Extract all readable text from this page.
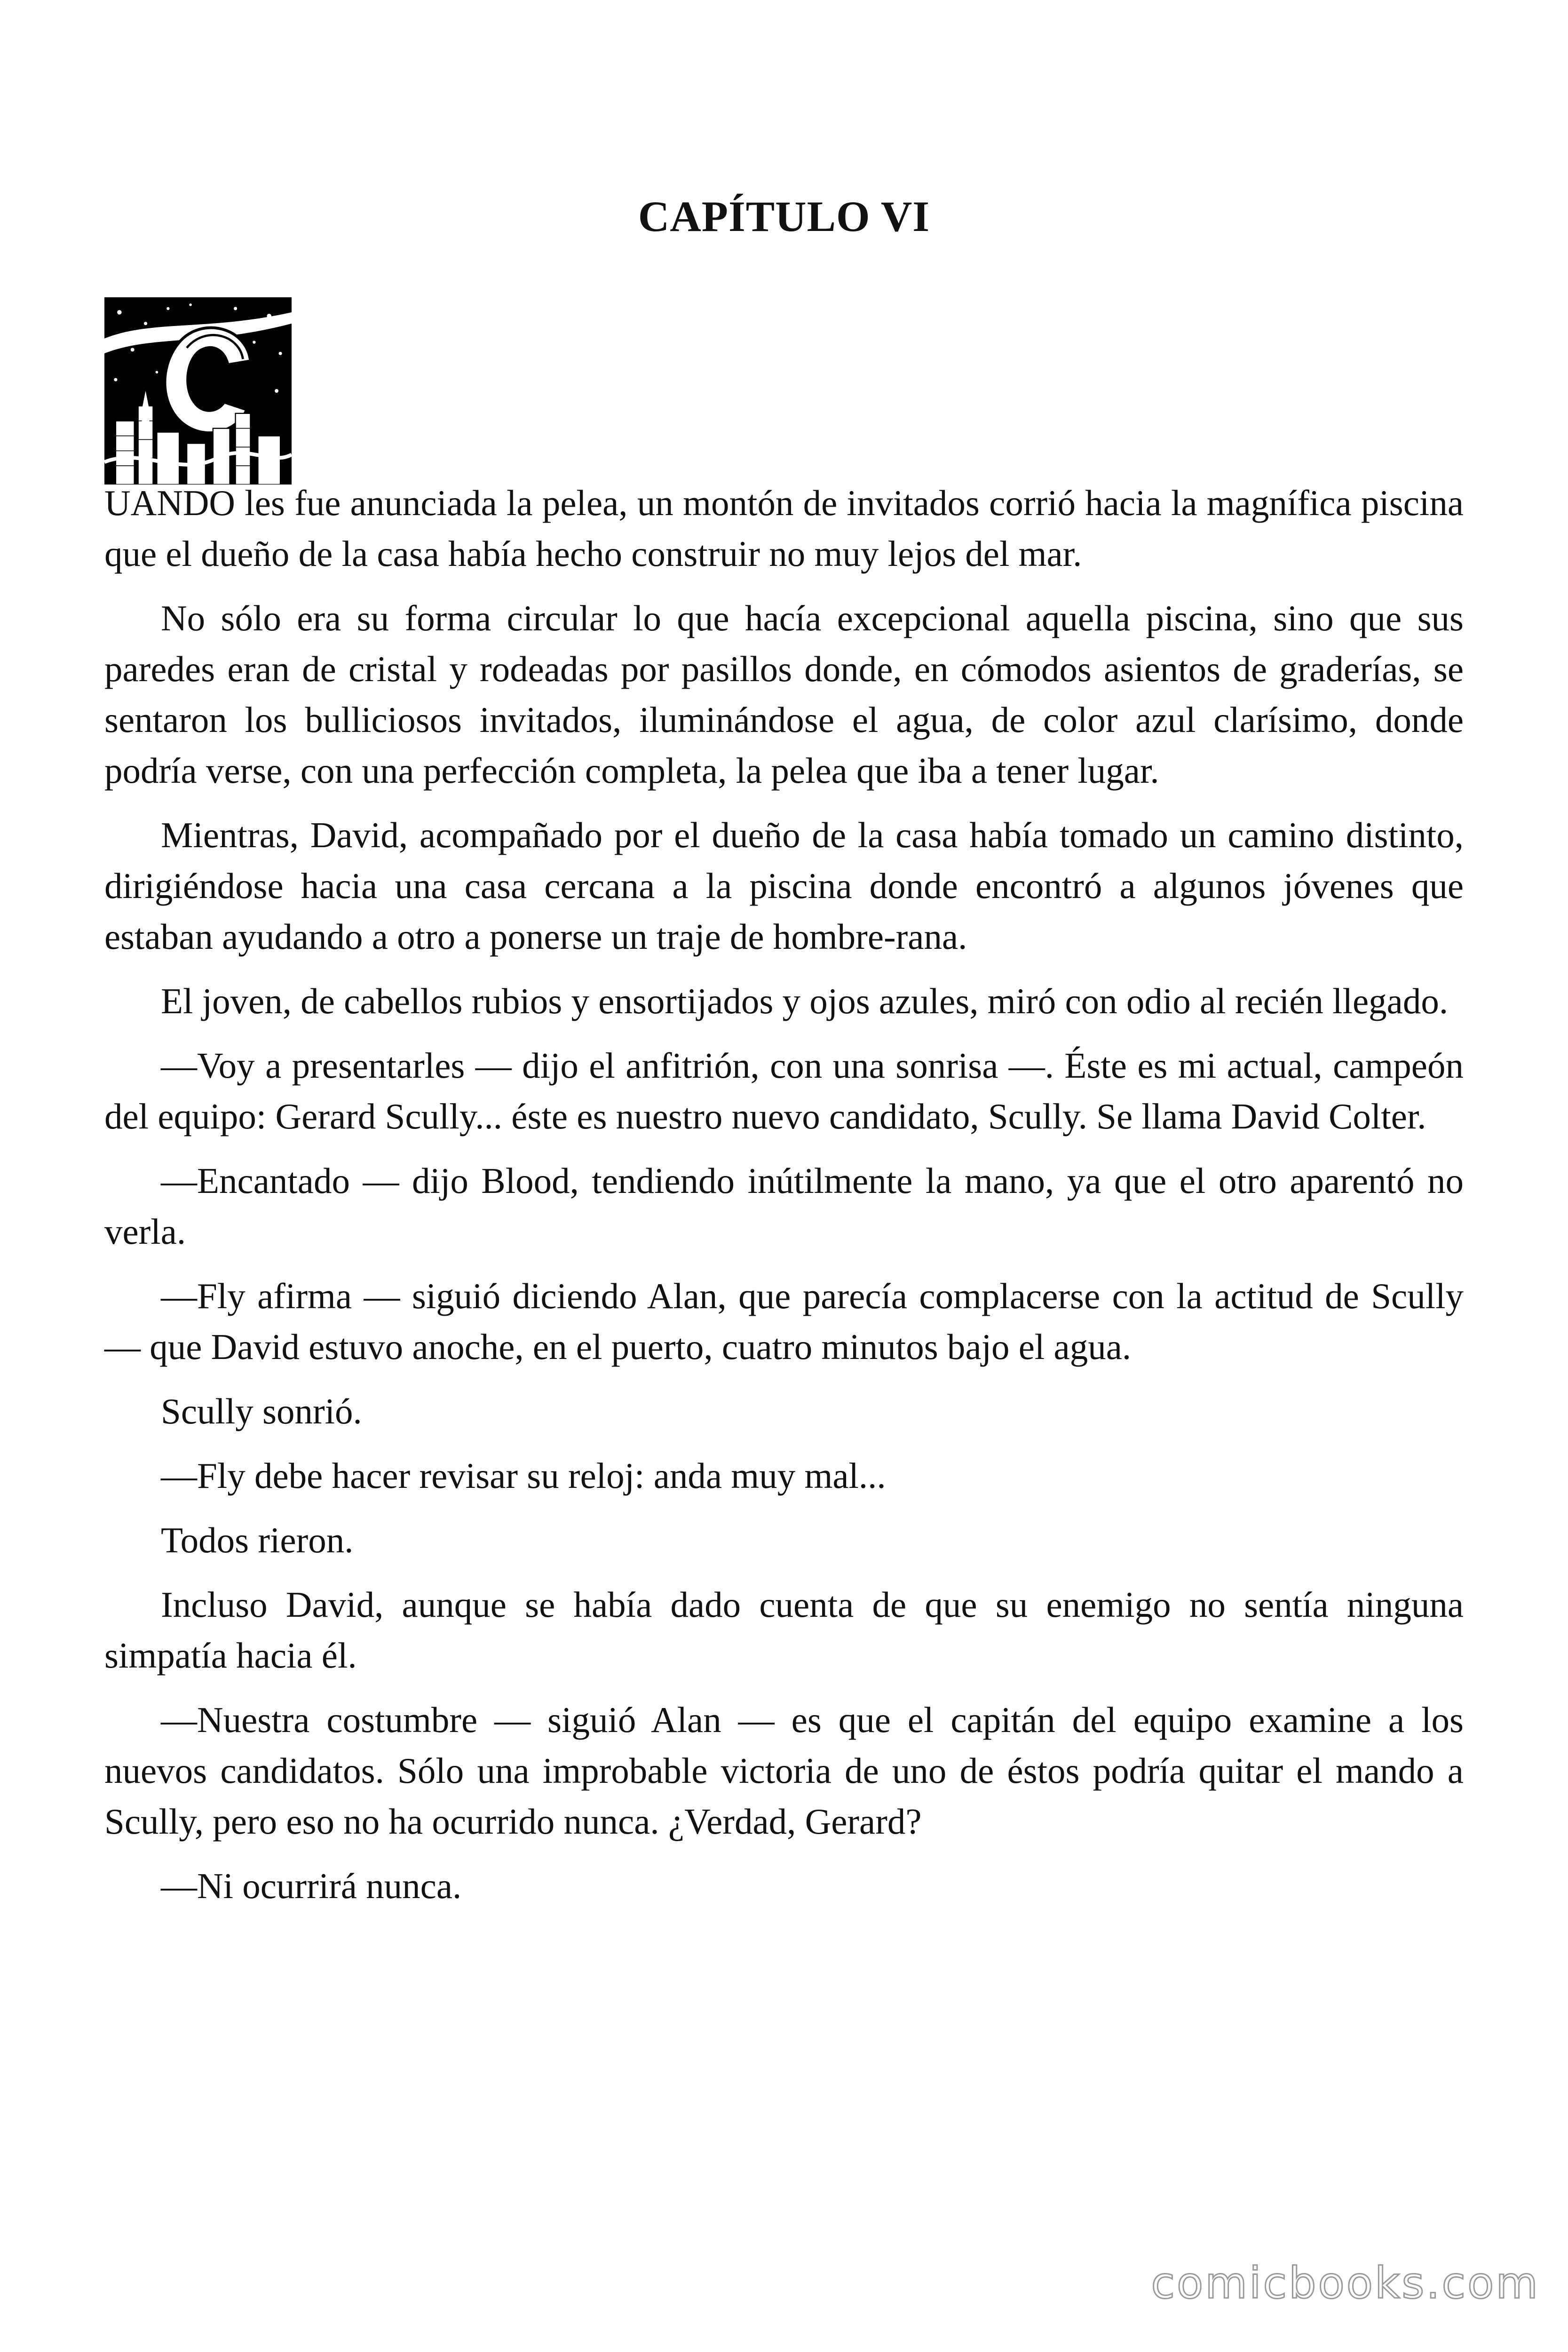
CAPÍTULO VI

UANDO les fue anunciada la pelea, un montón de invitados corrió hacia la magnífica piscina que el dueño de la casa había hecho construir no muy lejos del mar.

No sólo era su forma circular lo que hacía excepcional aquella piscina, sino que sus paredes eran de cristal y rodeadas por pasillos donde, en cómodos asientos de graderías, se sentaron los bulliciosos invitados, iluminándose el agua, de color azul clarísimo, donde podría verse, con una perfección completa, la pelea que iba a tener lugar.

Mientras, David, acompañado por el dueño de la casa había tomado un camino distinto, dirigiéndose hacia una casa cercana a la piscina donde encontró a algunos jóvenes que estaban ayudando a otro a ponerse un traje de hombre-rana.

El joven, de cabellos rubios y ensortijados y ojos azules, miró con odio al recién llegado.

—Voy a presentarles — dijo el anfitrión, con una sonrisa —. Éste es mi actual, campeón del equipo: Gerard Scully... éste es nuestro nuevo candidato, Scully. Se llama David Colter.

—Encantado — dijo Blood, tendiendo inútilmente la mano, ya que el otro aparentó no verla.

—Fly afirma — siguió diciendo Alan, que parecía complacerse con la actitud de Scully — que David estuvo anoche, en el puerto, cuatro minutos bajo el agua.

Scully sonrió.

—Fly debe hacer revisar su reloj: anda muy mal...

Todos rieron.

Incluso David, aunque se había dado cuenta de que su enemigo no sentía ninguna simpatía hacia él.

—Nuestra costumbre — siguió Alan — es que el capitán del equipo examine a los nuevos candidatos. Sólo una improbable victoria de uno de éstos podría quitar el mando a Scully, pero eso no ha ocurrido nunca. ¿Verdad, Gerard?

—Ni ocurrirá nunca.

comicbooks.com
